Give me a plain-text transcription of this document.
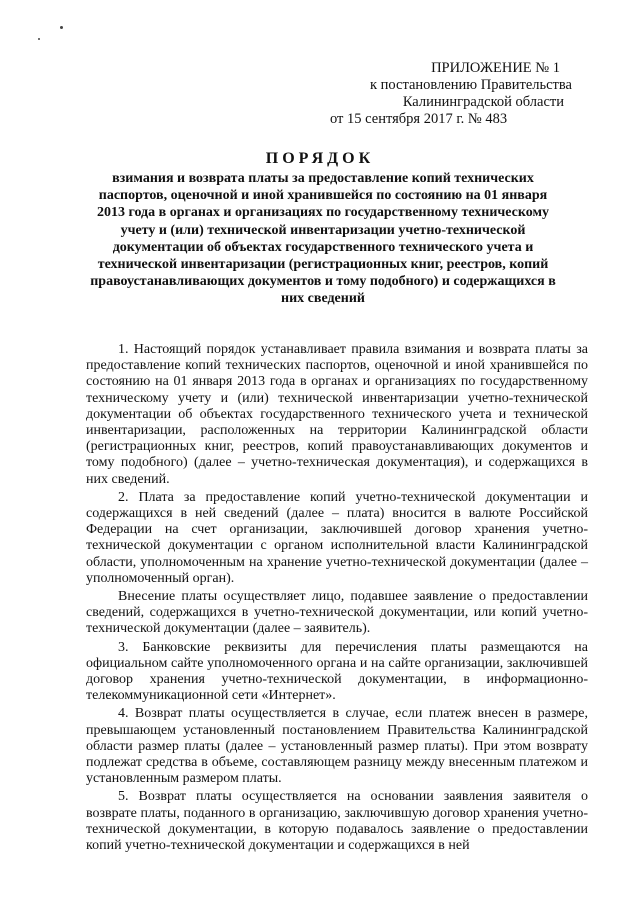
ПРИЛОЖЕНИЕ № 1
к постановлению Правительства
Калининградской области
от 15 сентября 2017 г. № 483
ПОРЯДОК
взимания и возврата платы за предоставление копий технических паспортов, оценочной и иной хранившейся по состоянию на 01 января 2013 года в органах и организациях по государственному техническому учету и (или) технической инвентаризации учетно-технической документации об объектах государственного технического учета и технической инвентаризации (регистрационных книг, реестров, копий правоустанавливающих документов и тому подобного) и содержащихся в них сведений

1. Настоящий порядок устанавливает правила взимания и возврата платы за предоставление копий технических паспортов, оценочной и иной хранившейся по состоянию на 01 января 2013 года в органах и организациях по государственному техническому учету и (или) технической инвентаризации учетно-технической документации об объектах государственного технического учета и технической инвентаризации, расположенных на территории Калининградской области (регистрационных книг, реестров, копий правоустанавливающих документов и тому подобного) (далее – учетно-техническая документация), и содержащихся в них сведений.

2. Плата за предоставление копий учетно-технической документации и содержащихся в ней сведений (далее – плата) вносится в валюте Российской Федерации на счет организации, заключившей договор хранения учетно-технической документации с органом исполнительной власти Калининградской области, уполномоченным на хранение учетно-технической документации (далее – уполномоченный орган).

Внесение платы осуществляет лицо, подавшее заявление о предоставлении сведений, содержащихся в учетно-технической документации, или копий учетно-технической документации (далее – заявитель).

3. Банковские реквизиты для перечисления платы размещаются на официальном сайте уполномоченного органа и на сайте организации, заключившей договор хранения учетно-технической документации, в информационно-телекоммуникационной сети «Интернет».

4. Возврат платы осуществляется в случае, если платеж внесен в размере, превышающем установленный постановлением Правительства Калининградской области размер платы (далее – установленный размер платы). При этом возврату подлежат средства в объеме, составляющем разницу между внесенным платежом и установленным размером платы.

5. Возврат платы осуществляется на основании заявления заявителя о возврате платы, поданного в организацию, заключившую договор хранения учетно-технической документации, в которую подавалось заявление о предоставлении копий учетно-технической документации и содержащихся в ней
